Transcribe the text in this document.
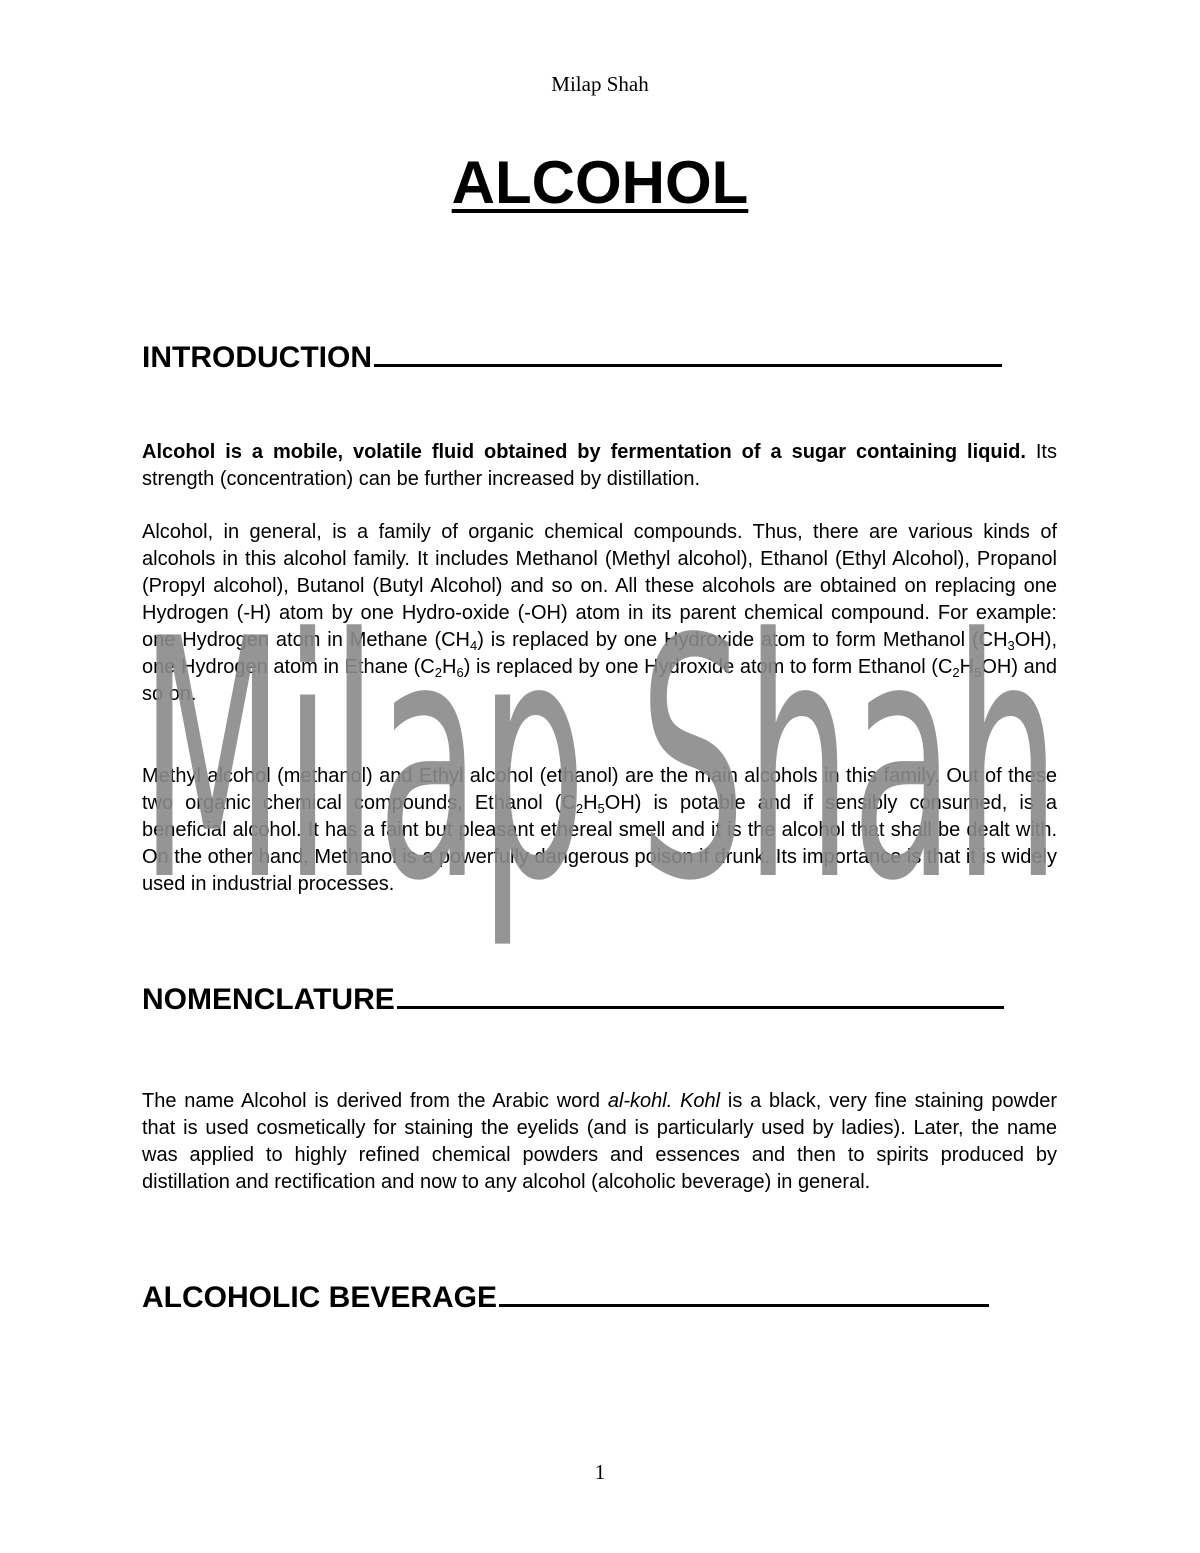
Milap Shah
ALCOHOL
INTRODUCTION
Alcohol is a mobile, volatile fluid obtained by fermentation of a sugar containing liquid. Its strength (concentration) can be further increased by distillation.
Alcohol, in general, is a family of organic chemical compounds. Thus, there are various kinds of alcohols in this alcohol family. It includes Methanol (Methyl alcohol), Ethanol (Ethyl Alcohol), Propanol (Propyl alcohol), Butanol (Butyl Alcohol) and so on. All these alcohols are obtained on replacing one Hydrogen (-H) atom by one Hydro-oxide (-OH) atom in its parent chemical compound. For example: one Hydrogen atom in Methane $(CH_4)$ is replaced by one Hydroxide atom to form Methanol $(CH_3OH)$, one Hydrogen atom in Ethane $(C_2H_6)$ is replaced by one Hydroxide atom to form Ethanol $(C_2H_5OH)$ and so on.
Methyl alcohol (methanol) and Ethyl alcohol (ethanol) are the main alcohols in this family. Out of these two organic chemical compounds, Ethanol $(C_2H_5OH)$ is potable and if sensibly consumed, is a beneficial alcohol. It has a faint but pleasant ethereal smell and it is the alcohol that shall be dealt with. On the other hand, Methanol is a powerfully dangerous poison if drunk. Its importance is that it is widely used in industrial processes.
NOMENCLATURE
The name Alcohol is derived from the Arabic word al-kohl. Kohl is a black, very fine staining powder that is used cosmetically for staining the eyelids (and is particularly used by ladies). Later, the name was applied to highly refined chemical powders and essences and then to spirits produced by distillation and rectification and now to any alcohol (alcoholic beverage) in general.
ALCOHOLIC BEVERAGE
Milap Shah
1
